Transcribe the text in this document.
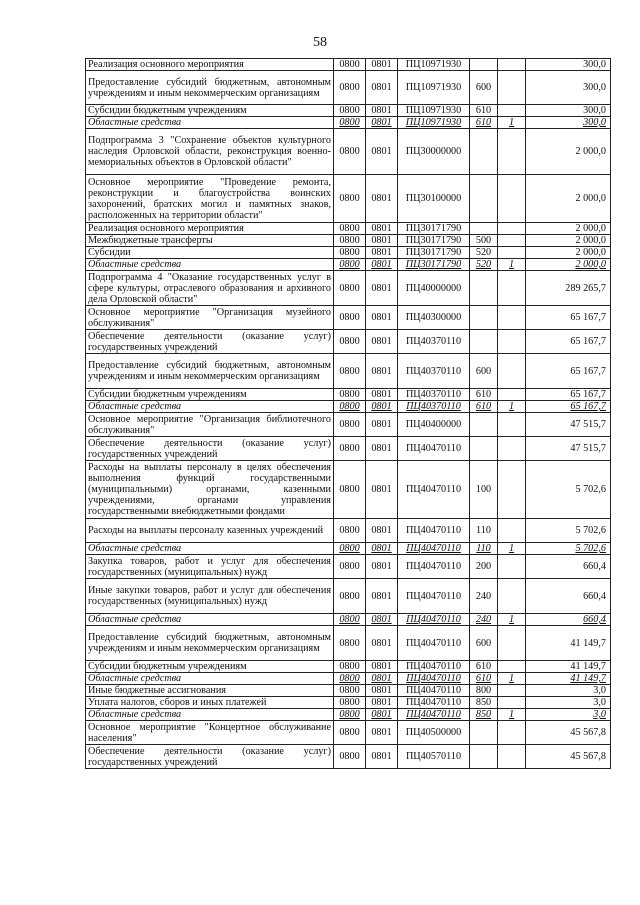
58
Реализация основного мероприятия	0800	0801	ПЦ10971930			300,0
Предоставление субсидий бюджетным, автономным учреждениям и иным некоммерческим организациям	0800	0801	ПЦ10971930	600		300,0
Субсидии бюджетным учреждениям	0800	0801	ПЦ10971930	610		300,0
Областные средства	0800	0801	ПЦ10971930	610	1	300,0
Подпрограмма 3 "Сохранение объектов культурного наследия Орловской области, реконструкция военно-мемориальных объектов в Орловской области"	0800	0801	ПЦ30000000			2 000,0
Основное мероприятие "Проведение ремонта, реконструкции и благоустройства воинских захоронений, братских могил и памятных знаков, расположенных на территории области"	0800	0801	ПЦ30100000			2 000,0
Реализация основного мероприятия	0800	0801	ПЦ30171790			2 000,0
Межбюджетные трансферты	0800	0801	ПЦ30171790	500		2 000,0
Субсидии	0800	0801	ПЦ30171790	520		2 000,0
Областные средства	0800	0801	ПЦ30171790	520	1	2 000,0
Подпрограмма 4 "Оказание государственных услуг в сфере культуры, отраслевого образования и архивного дела Орловской области"	0800	0801	ПЦ40000000			289 265,7
Основное мероприятие "Организация музейного обслуживания"	0800	0801	ПЦ40300000			65 167,7
Обеспечение деятельности (оказание услуг) государственных учреждений	0800	0801	ПЦ40370110			65 167,7
Предоставление субсидий бюджетным, автономным учреждениям и иным некоммерческим организациям	0800	0801	ПЦ40370110	600		65 167,7
Субсидии бюджетным учреждениям	0800	0801	ПЦ40370110	610		65 167,7
Областные средства	0800	0801	ПЦ40370110	610	1	65 167,7
Основное мероприятие "Организация библиотечного обслуживания"	0800	0801	ПЦ40400000			47 515,7
Обеспечение деятельности (оказание услуг) государственных учреждений	0800	0801	ПЦ40470110			47 515,7
Расходы на выплаты персоналу в целях обеспечения выполнения функций государственными (муниципальными) органами, казенными учреждениями, органами управления государственными внебюджетными фондами	0800	0801	ПЦ40470110	100		5 702,6
Расходы на выплаты персоналу казенных учреждений	0800	0801	ПЦ40470110	110		5 702,6
Областные средства	0800	0801	ПЦ40470110	110	1	5 702,6
Закупка товаров, работ и услуг для обеспечения государственных (муниципальных) нужд	0800	0801	ПЦ40470110	200		660,4
Иные закупки товаров, работ и услуг для обеспечения государственных (муниципальных) нужд	0800	0801	ПЦ40470110	240		660,4
Областные средства	0800	0801	ПЦ40470110	240	1	660,4
Предоставление субсидий бюджетным, автономным учреждениям и иным некоммерческим организациям	0800	0801	ПЦ40470110	600		41 149,7
Субсидии бюджетным учреждениям	0800	0801	ПЦ40470110	610		41 149,7
Областные средства	0800	0801	ПЦ40470110	610	1	41 149,7
Иные бюджетные ассигнования	0800	0801	ПЦ40470110	800		3,0
Уплата налогов, сборов и иных платежей	0800	0801	ПЦ40470110	850		3,0
Областные средства	0800	0801	ПЦ40470110	850	1	3,0
Основное мероприятие "Концертное обслуживание населения"	0800	0801	ПЦ40500000			45 567,8
Обеспечение деятельности (оказание услуг) государственных учреждений	0800	0801	ПЦ40570110			45 567,8
